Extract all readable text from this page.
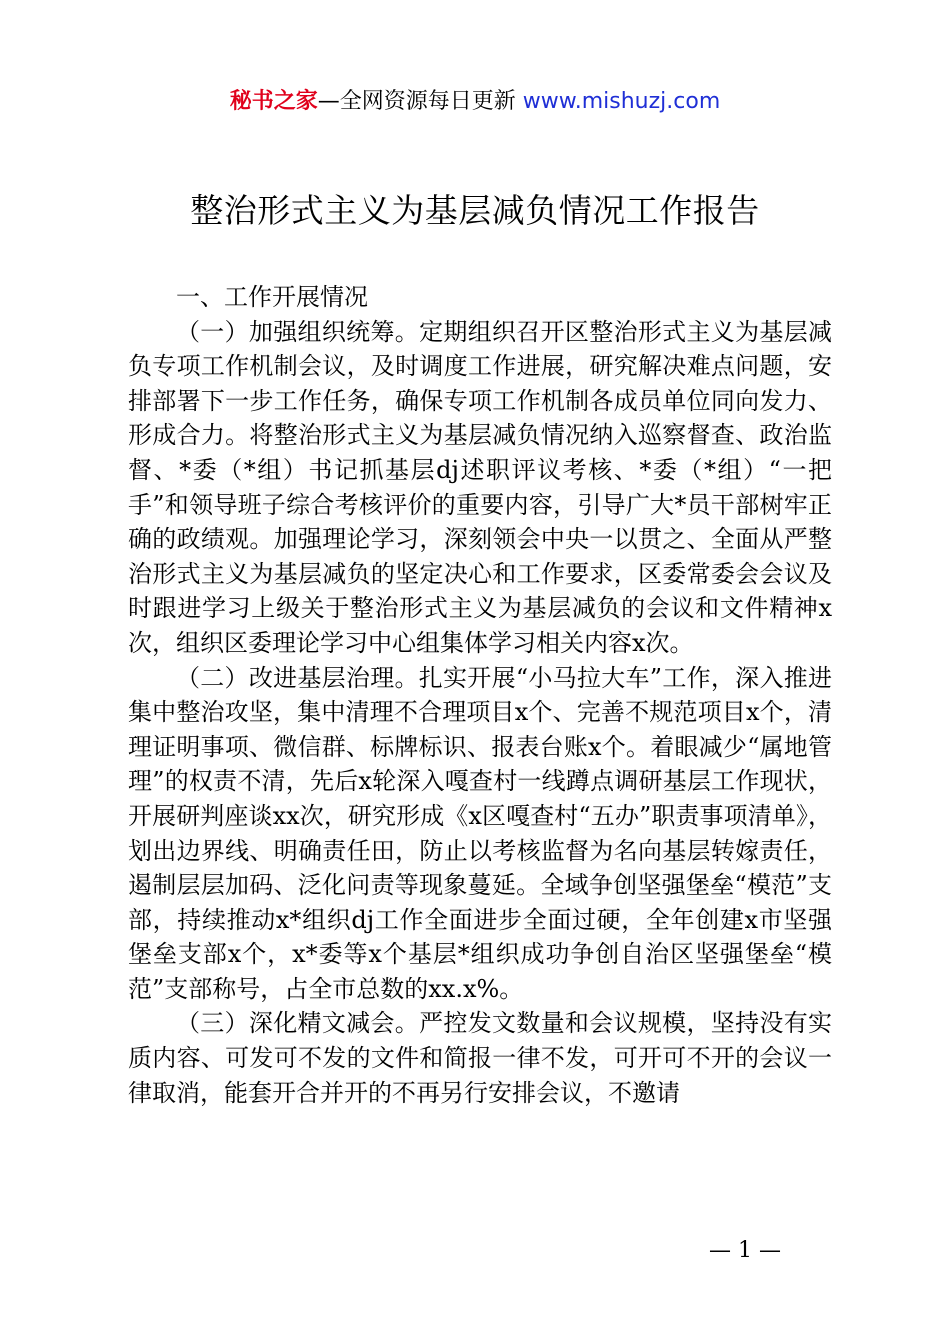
秘书之家—全网资源每日更新 www.mishuzj.com
整治形式主义为基层减负情况工作报告

一、工作开展情况

（一）加强组织统筹。定期组织召开区整治形式主义为基层减负专项工作机制会议，及时调度工作进展，研究解决难点问题，安排部署下一步工作任务，确保专项工作机制各成员单位同向发力、形成合力。将整治形式主义为基层减负情况纳入巡察督查、政治监督、*委（*组）书记抓基层dj述职评议考核、*委（*组）“一把手”和领导班子综合考核评价的重要内容，引导广大*员干部树牢正确的政绩观。加强理论学习，深刻领会中央一以贯之、全面从严整治形式主义为基层减负的坚定决心和工作要求，区委常委会会议及时跟进学习上级关于整治形式主义为基层减负的会议和文件精神x次，组织区委理论学习中心组集体学习相关内容x次。

（二）改进基层治理。扎实开展“小马拉大车”工作，深入推进集中整治攻坚，集中清理不合理项目x个、完善不规范项目x个，清理证明事项、微信群、标牌标识、报表台账x个。着眼减少“属地管理”的权责不清，先后x轮深入嘎查村一线蹲点调研基层工作现状，开展研判座谈xx次，研究形成《x区嘎查村“五办”职责事项清单》，划出边界线、明确责任田，防止以考核监督为名向基层转嫁责任，遏制层层加码、泛化问责等现象蔓延。全域争创坚强堡垒“模范”支部，持续推动x*组织dj工作全面进步全面过硬，全年创建x市坚强堡垒支部x个，x*委等x个基层*组织成功争创自治区坚强堡垒“模范”支部称号，占全市总数的xx.x%。

（三）深化精文减会。严控发文数量和会议规模，坚持没有实质内容、可发可不发的文件和简报一律不发，可开可不开的会议一律取消，能套开合并开的不再另行安排会议，不邀请

— 1 —
